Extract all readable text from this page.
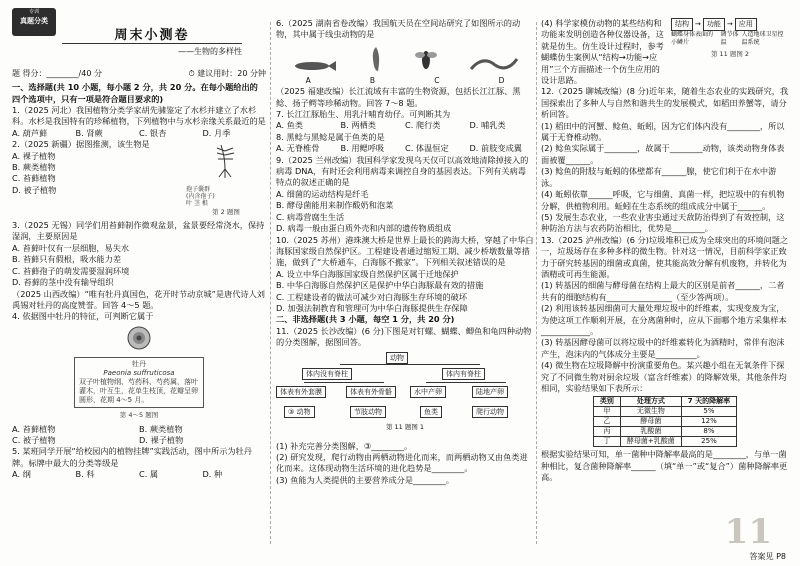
专训
真题分类
周末小测卷
——生物的多样性
题 得分：________/40 分	⏱ 建议用时：20 分钟

一、选择题(共 10 小题，每小题 2 分，共 20 分。在每小题给出的四个选项中，只有一项是符合题目要求的)

1.（2025 河北）我国植物分类学家胡先骕鉴定了水杉并建立了水杉科。水杉是我国特有的珍稀植物，下列植物中与水杉亲缘关系最近的是

A. 葫芦藓	B. 肾蕨	C. 银杏	D. 月季

2.（2025 新疆）据图推测，该生物是

A. 裸子植物

B. 蕨类植物

C. 苔藓植物

D. 被子植物	孢子囊群
(内含孢子)
叶 茎 根
第 2 题图

3.（2025 无锡）同学们用苔藓制作微观盆景，盆景要经常浇水，保持湿润，主要原因是

A. 苔藓叶仅有一层细胞，易失水

B. 苔藓只有假根，吸水能力差

C. 苔藓孢子的萌发需要湿润环境

D. 苔藓的茎中没有输导组织

（2025 山西改编）“唯有牡丹真国色，花开时节动京城”是唐代诗人刘禹锡对牡丹的高度赞誉。回答 4～5 题。

4. 依据图中牡丹的特征，可判断它属于

牡丹
Paeonia suffruticosa
双子叶植物纲、芍药科、芍药属，落叶灌木，叶互生，花单生枝顶，花瓣呈卵圆形，花期 4～5 月。
第 4～5 题图
A. 苔藓植物	B. 蕨类植物
C. 被子植物	D. 裸子植物

5. 某班同学开展“给校园内的植物挂牌”实践活动，图中所示为牡丹牌。标牌中最大的分类等级是

A. 纲	B. 科	C. 属	D. 种

6.（2025 湖南省卷改编）我国航天员在空间站研究了如图所示的动物，其中属于线虫动物的是

A	B	C	D

（2025 福建改编）长江流域有丰富的生物资源，包括长江江豚、黑鲶、扬子鳄等珍稀动物。回答 7～8 题。

7. 长江江豚胎生、用乳汁哺育幼仔。可判断其为

A. 鱼类	B. 两栖类	C. 爬行类	D. 哺乳类

8. 黑鲶与黑鲶是属于鱼类的是

A. 无脊椎骨	B. 用鳃呼吸	C. 体温恒定	D. 前肢变成翼

9.（2025 兰州改编）我国科学家发现乌天仅可以高效地清除掉接入的病毒 DNA，有时还会利用病毒来调控自身的基因表达。下列有关病毒特点的叙述正确的是

A. 细菌的运动结构是纤毛

B. 酵母菌能用来制作酸奶和泡菜

C. 病毒营腐生生活

D. 病毒一般由蛋白质外壳和内部的遗传物质组成

10.（2025 苏州）港珠澳大桥是世界上最长的跨海大桥，穿越了中华白海豚国家级自然保护区。工程建设者通过缩短工期、减少桥墩数量等措施，做到了“大桥通车，白海豚不搬家”。下列相关叙述错误的是

A. 设立中华白海豚国家级自然保护区属于迁地保护

B. 中华白海豚自然保护区是保护中华白海豚最有效的措施

C. 工程建设者的做法可减少对白海豚生存环境的破坏

D. 加强法制教育和管理可为中华白海豚提供生存保障

二、非选择题(共 3 小题，每空 1 分，共 20 分)

11.（2025 长沙改编）(6 分)下图是对钉螺、蝴蝶、鲫鱼和龟四种动物的分类图解，据图回答。

动物
体内没有脊柱	体内有脊柱
体表有外套膜	体表有外骨骼	水中产卵	陆地产卵
③ 动物	节肢动物	鱼类	爬行动物
第 11 题图 1

(1) 补充完善分类图解，③________。

(2) 研究发现，爬行动物由两栖动物进化而来，而两栖动物又由鱼类进化而来。这体现动物生活环境的进化趋势是________。

(3) 鱼能为人类提供的主要营养成分是________。

(4) 科学家模仿动物的某些结构和功能来发明创造各种仪器设备，这就是仿生。仿生设计过程时，参考蝴蝶仿生案例从“结构→功能→应用”三个方面描述一个仿生应用的设计思路。

结构 → 功能 → 应用
蝴蝶身体表面的小鳞片
调节体温
人造地球卫星控温系统
第 11 题图 2

12.（2025 聊城改编）(8 分)近年来，随着生态农业的实践研究，我国探索出了多种人与自然和谐共生的发展模式，如稻田养蟹等，请分析回答。

(1) 稻田中的河蟹、鲶鱼、蚯蚓，因为它们体内没有________，所以属于无脊椎动物。

(2) 鲶鱼实际属于________，故属于________动物，该类动物身体表面被覆______。

(3) 鲶鱼的附肢与蚯蚓的体壁都有______腺，使它们利于在水中游泳。

(4) 蚯蚓依靠______呼吸，它与细菌、真菌一样，把垃圾中的有机物分解，供植物利用。蚯蚓在生态系统的组成成分中属于______。

(5) 发展生态农业，一些农业害虫通过天敌防治得到了有效控制，这种防治方法与农药防治相比，优势是________。

13.（2025 泸州改编）(6 分)垃圾堆积已成为全球突出的环境问题之一，垃圾场存在多种多样的微生物。针对这一情况，目前科学家正致力于研究转基因的细菌或真菌，使其能高效分解有机废物，并转化为酒精或可再生能源。

(1) 转基因的细菌与酵母菌在结构上最大的区别是前者______，二者共有的细胞结构有________________（至少答两项）。

(2) 利用该转基因细菌可大量处理垃圾中的纤维素，实现变废为宝，为使这项工作顺利开展，在分离菌种时，应从下面哪个地方采集样本____________。

(3) 转基因酵母菌可以将垃圾中的纤维素转化为酒精时，常伴有泡沫产生，泡沫内的气体成分主要是__________。

(4) 微生物在垃圾降解中扮演重要角色。某兴趣小组在无氧条件下探究了不同微生物对厨余垃圾（富含纤维素）的降解效果，其他条件均相同，实验结果如下表所示：

类别	处理方式	7 天的降解率
甲	无微生物	5%
乙	酵母菌	12%
丙	乳酸菌	8%
丁	酵母菌+乳酸菌	25%

根据实验结果可知，单一菌种中降解率最高的是________，与单一菌种相比，复合菌种降解率______（填“单一”或“复合”）菌种降解率更高。

11
答案见 P8
